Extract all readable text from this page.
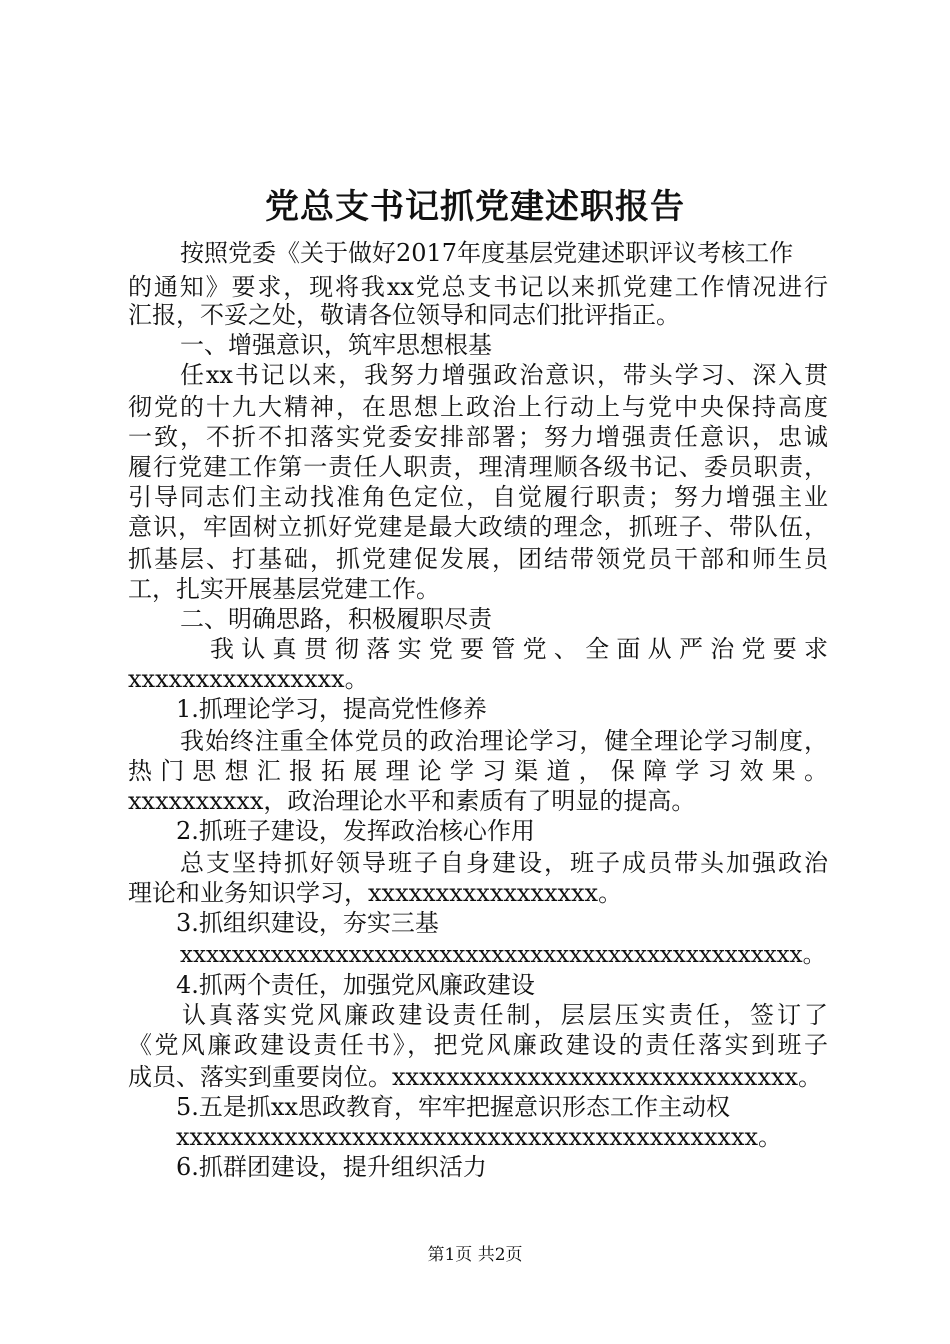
党总支书记抓党建述职报告
按照党委《关于做好2017年度基层党建述职评议考核工作
的通知》要求，现将我xx党总支书记以来抓党建工作情况进行
汇报，不妥之处，敬请各位领导和同志们批评指正。
一、增强意识，筑牢思想根基
任xx书记以来，我努力增强政治意识，带头学习、深入贯
彻党的十九大精神，在思想上政治上行动上与党中央保持高度
一致，不折不扣落实党委安排部署；努力增强责任意识，忠诚
履行党建工作第一责任人职责，理清理顺各级书记、委员职责，
引导同志们主动找准角色定位，自觉履行职责；努力增强主业
意识，牢固树立抓好党建是最大政绩的理念，抓班子、带队伍，
抓基层、打基础，抓党建促发展，团结带领党员干部和师生员
工，扎实开展基层党建工作。
二、明确思路，积极履职尽责
我认真贯彻落实党要管党、全面从严治党要求
xxxxxxxxxxxxxxxx。
1.抓理论学习，提高党性修养
我始终注重全体党员的政治理论学习，健全理论学习制度，
热门思想汇报拓展理论学习渠道，保障学习效果。
xxxxxxxxxx，政治理论水平和素质有了明显的提高。
2.抓班子建设，发挥政治核心作用
总支坚持抓好领导班子自身建设，班子成员带头加强政治
理论和业务知识学习，xxxxxxxxxxxxxxxxx。
3.抓组织建设，夯实三基
xxxxxxxxxxxxxxxxxxxxxxxxxxxxxxxxxxxxxxxxxxxxxxxx。
4.抓两个责任，加强党风廉政建设
认真落实党风廉政建设责任制，层层压实责任，签订了
《党风廉政建设责任书》，把党风廉政建设的责任落实到班子
成员、落实到重要岗位。xxxxxxxxxxxxxxxxxxxxxxxxxxxxxx。
5.五是抓xx思政教育，牢牢把握意识形态工作主动权
xxxxxxxxxxxxxxxxxxxxxxxxxxxxxxxxxxxxxxxxxxx。
6.抓群团建设，提升组织活力
第1页 共2页
